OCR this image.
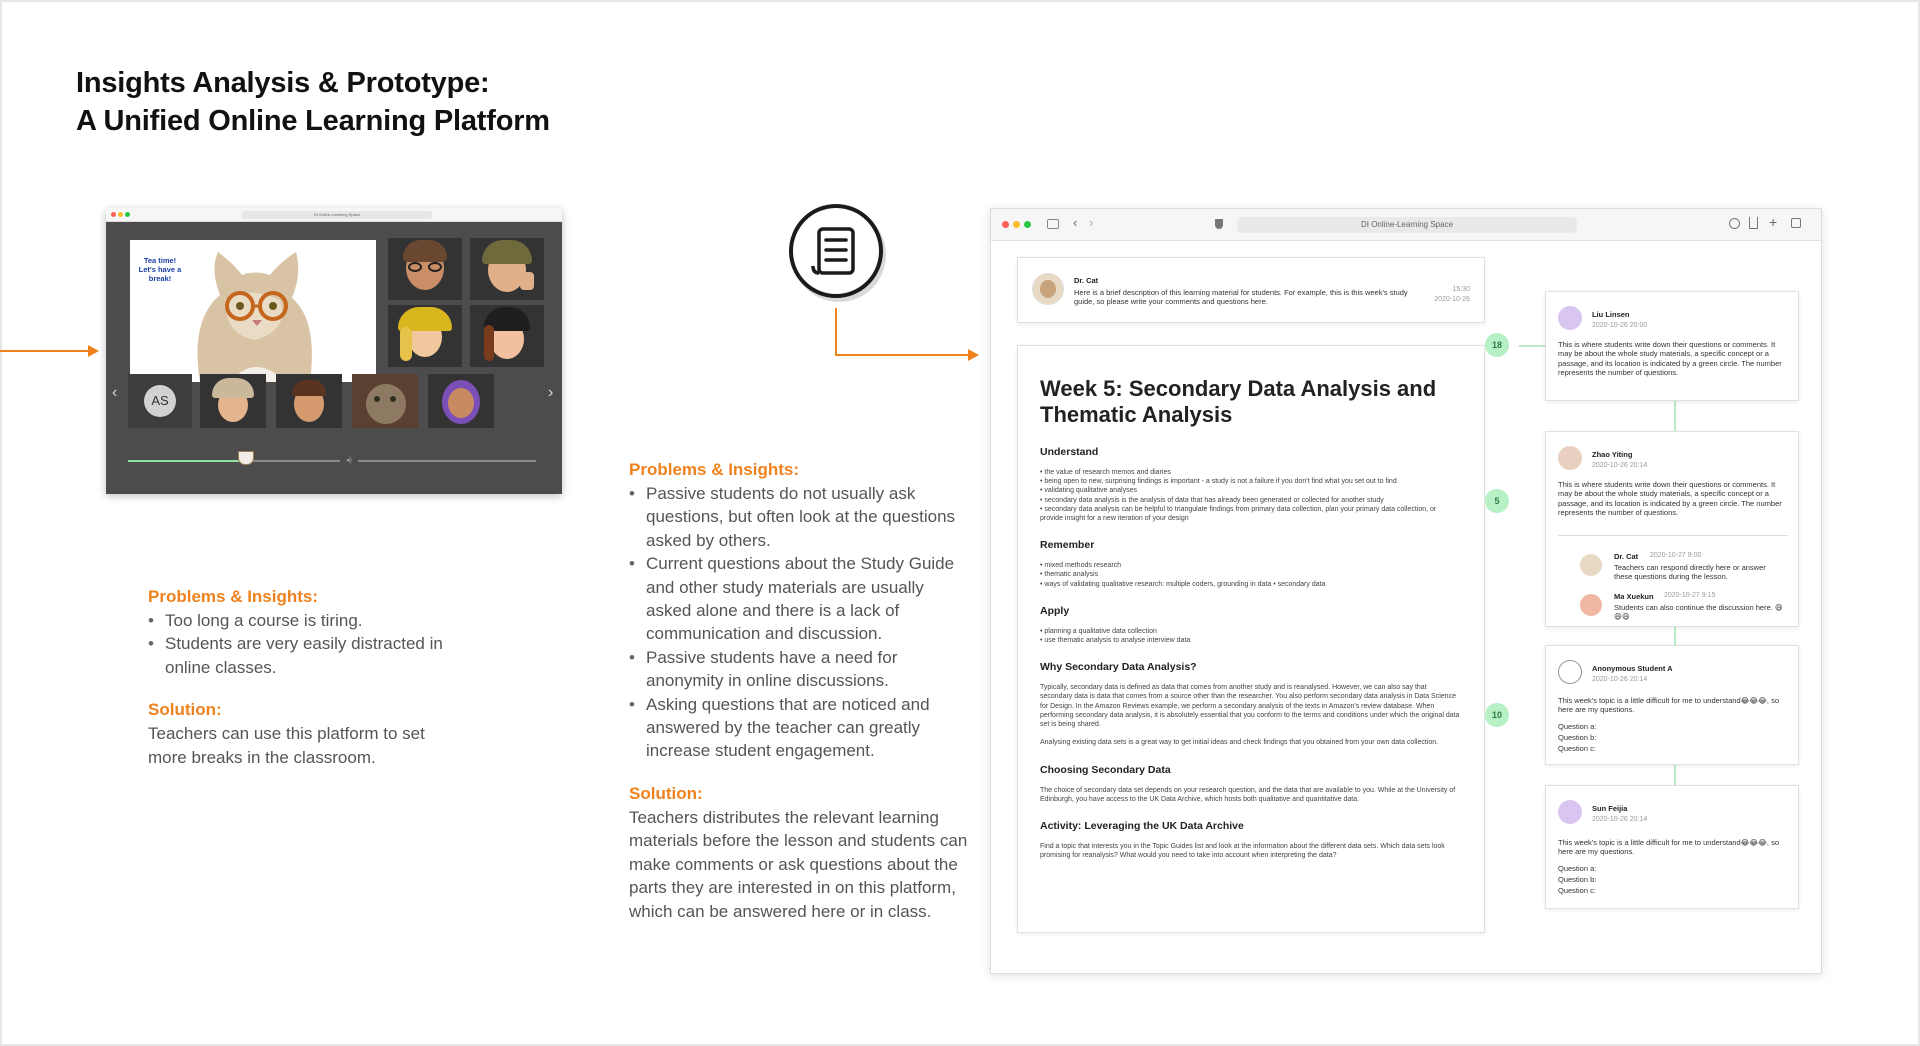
Insights Analysis & Prototype:
A Unified Online Learning Platform
DI Online-Learning Space
Tea time! Let's have a break!
‹	AS	›
◂)
Problems & Insights:
• Too long a course is tiring.
• Students are very easily distracted in online classes.
Solution:
Teachers can use this platform to set more breaks in the classroom.
Problems & Insights:
• Passive students do not usually ask questions, but often look at the questions asked by others.
• Current questions about the Study Guide and other study materials are usually asked alone and there is a lack of communication and discussion.
• Passive students have a need for anonymity in online discussions.
• Asking questions that are noticed and answered by the teacher can greatly increase student engagement.
Solution:
Teachers distributes the relevant learning materials before the lesson and students can make comments or ask questions about the parts they are interested in on this platform, which can be answered here or in class.
‹ ›	DI Online-Learning Space	+
Dr. Cat
Here is a brief description of this learning material for students. For example, this is this week's study guide, so please write your comments and questions here.
15:30
2020-10-26
Week 5: Secondary Data Analysis and Thematic Analysis
Understand
• the value of research memos and diaries
• being open to new, surprising findings is important - a study is not a failure if you don't find what you set out to find
• validating qualitative analyses
• secondary data analysis is the analysis of data that has already been generated or collected for another study
• secondary data analysis can be helpful to triangulate findings from primary data collection, plan your primary data collection, or provide insight for a new iteration of your design
Remember
• mixed methods research
• thematic analysis
• ways of validating qualitative research: multiple coders, grounding in data • secondary data
Apply
• planning a qualitative data collection
• use thematic analysis to analyse interview data
Why Secondary Data Analysis?
Typically, secondary data is defined as data that comes from another study and is reanalysed. However, we can also say that secondary data is data that comes from a source other than the researcher. You also perform secondary data analysis in Data Science for Design. In the Amazon Reviews example, we perform a secondary analysis of the texts in Amazon's review database. When performing secondary data analysis, it is absolutely essential that you conform to the terms and conditions under which the original data set is being shared.

Analysing existing data sets is a great way to get initial ideas and check findings that you obtained from your own data collection.
Choosing Secondary Data
The choice of secondary data set depends on your research question, and the data that are available to you. While at the University of Edinburgh, you have access to the UK Data Archive, which hosts both qualitative and quantitative data.
Activity: Leveraging the UK Data Archive
Find a topic that interests you in the Topic Guides list and look at the information about the different data sets. Which data sets look promising for reanalysis? What would you need to take into account when interpreting the data?
18
5
10
Liu Linsen
2020-10-26 20:00
This is where students write down their questions or comments. It may be about the whole study materials, a specific concept or a passage, and its location is indicated by a green circle. The number represents the number of questions.
Zhao Yiting
2020-10-26 20:14
This is where students write down their questions or comments. It may be about the whole study materials, a specific concept or a passage, and its location is indicated by a green circle. The number represents the number of questions.
Dr. Cat 2020-10-27 9:00
Teachers can respond directly here or answer these questions during the lesson.
Ma Xuekun 2020-10-27 9:15
Students can also continue the discussion here. 😄😄😄
Anonymous Student A
2020-10-26 20:14
This week's topic is a little difficult for me to understand😂😂😂, so here are my questions.
Question a:
Question b:
Question c:
Sun Feijia
2020-10-26 20:14
This week's topic is a little difficult for me to understand😂😂😂, so here are my questions.
Question a:
Question b:
Question c:
